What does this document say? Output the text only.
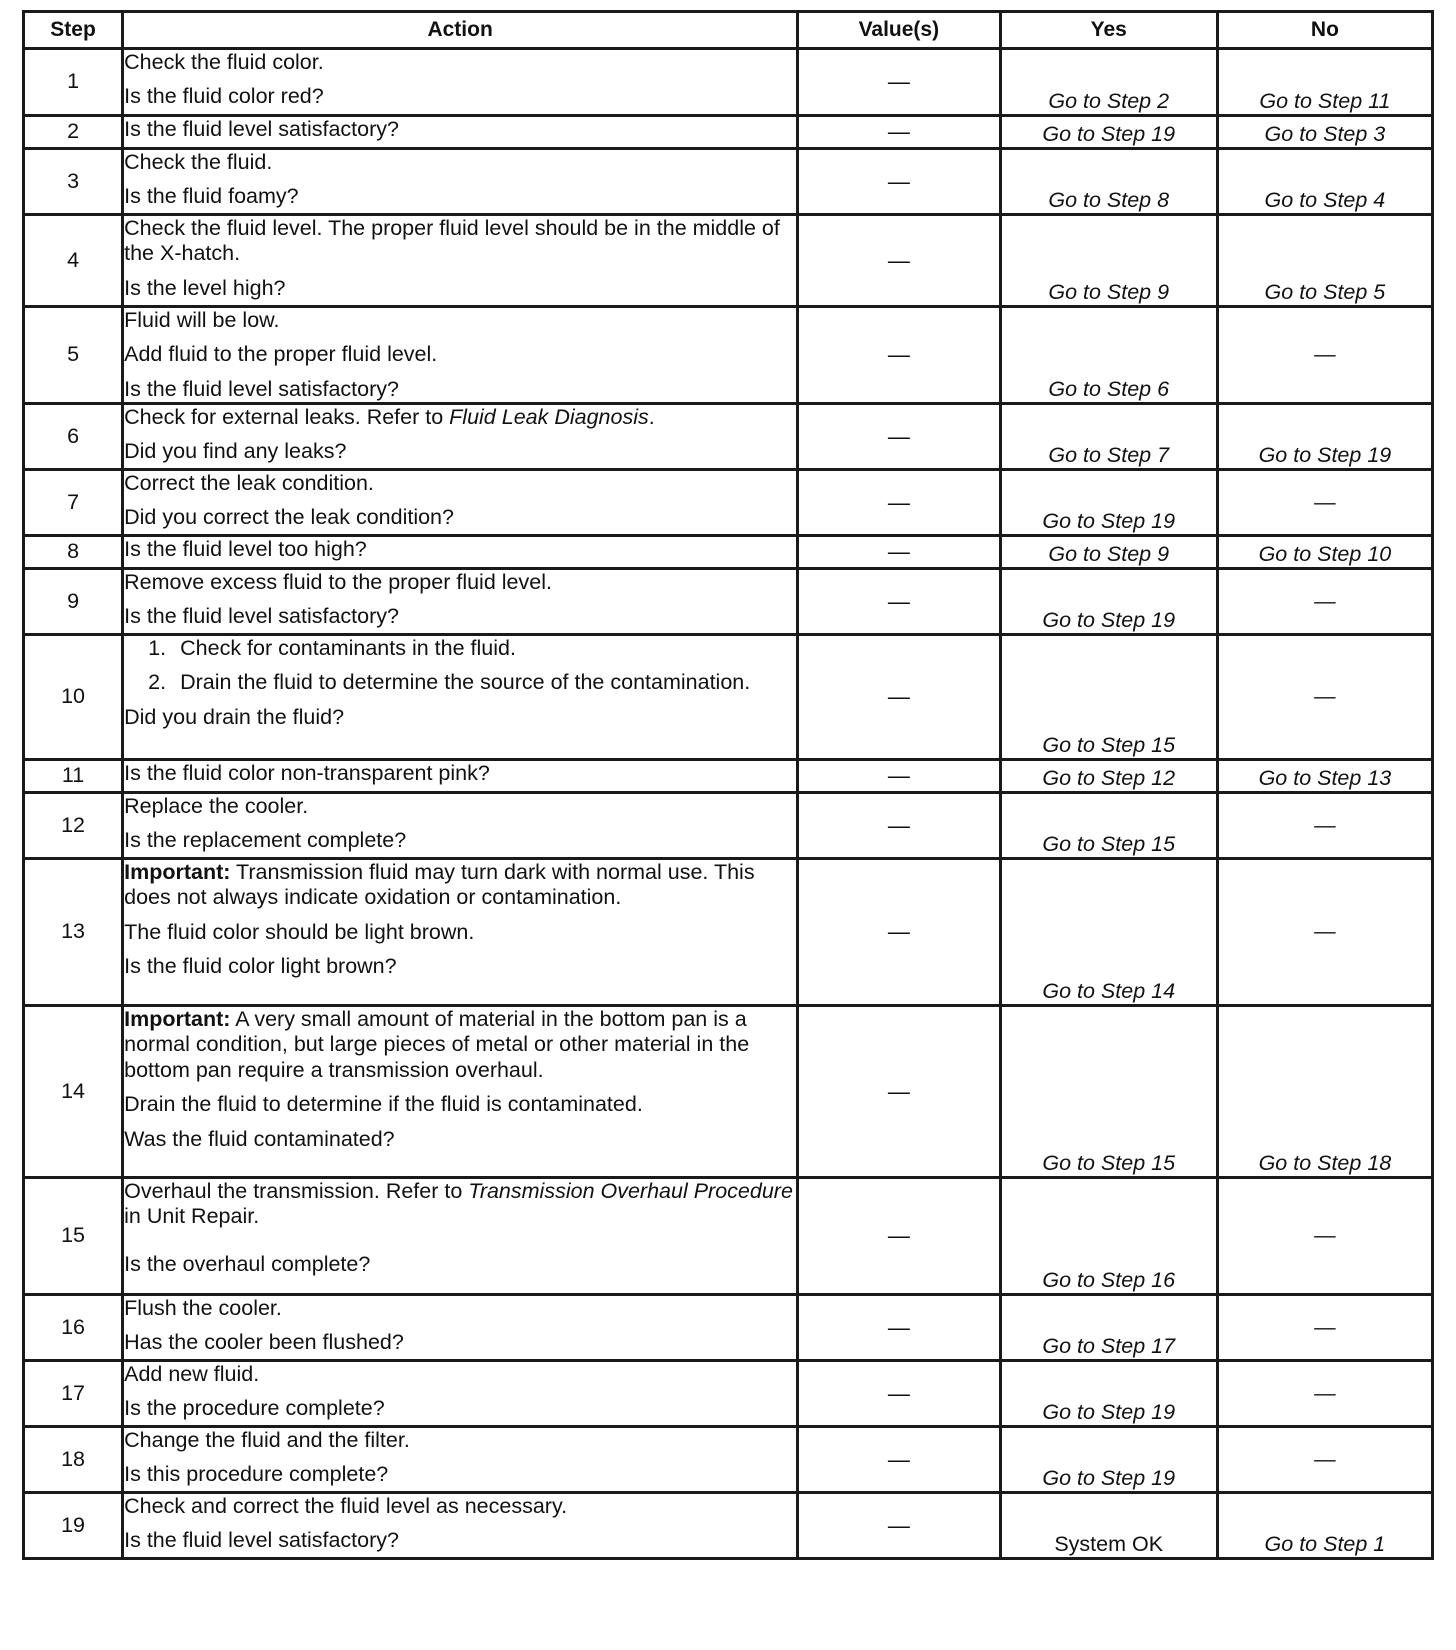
Step	Action	Value(s)	Yes	No
1	Check the fluid color.

Is the fluid color red?	—	Go to Step 2	Go to Step 11
2	Is the fluid level satisfactory?	—	Go to Step 19	Go to Step 3
3	Check the fluid.

Is the fluid foamy?	—	Go to Step 8	Go to Step 4
4	Check the fluid level. The proper fluid level should be in the middle of the X-hatch.

Is the level high?	—	Go to Step 9	Go to Step 5
5	Fluid will be low.

Add fluid to the proper fluid level.

Is the fluid level satisfactory?	—	Go to Step 6	—
6	Check for external leaks. Refer to Fluid Leak Diagnosis.

Did you find any leaks?	—	Go to Step 7	Go to Step 19
7	Correct the leak condition.

Did you correct the leak condition?	—	Go to Step 19	—
8	Is the fluid level too high?	—	Go to Step 9	Go to Step 10
9	Remove excess fluid to the proper fluid level.

Is the fluid level satisfactory?	—	Go to Step 19	—
10	1. Check for contaminants in the fluid.
2. Drain the fluid to determine the source of the contamination.

Did you drain the fluid?	—	Go to Step 15	—
11	Is the fluid color non-transparent pink?	—	Go to Step 12	Go to Step 13
12	Replace the cooler.

Is the replacement complete?	—	Go to Step 15	—
13	Important: Transmission fluid may turn dark with normal use. This does not always indicate oxidation or contamination.

The fluid color should be light brown.

Is the fluid color light brown?	—	Go to Step 14	—
14	Important: A very small amount of material in the bottom pan is a normal condition, but large pieces of metal or other material in the bottom pan require a transmission overhaul.

Drain the fluid to determine if the fluid is contaminated.

Was the fluid contaminated?	—	Go to Step 15	Go to Step 18
15	Overhaul the transmission. Refer to Transmission Overhaul Procedure in Unit Repair.

Is the overhaul complete?	—	Go to Step 16	—
16	Flush the cooler.

Has the cooler been flushed?	—	Go to Step 17	—
17	Add new fluid.

Is the procedure complete?	—	Go to Step 19	—
18	Change the fluid and the filter.

Is this procedure complete?	—	Go to Step 19	—
19	Check and correct the fluid level as necessary.

Is the fluid level satisfactory?	—	System OK	Go to Step 1
